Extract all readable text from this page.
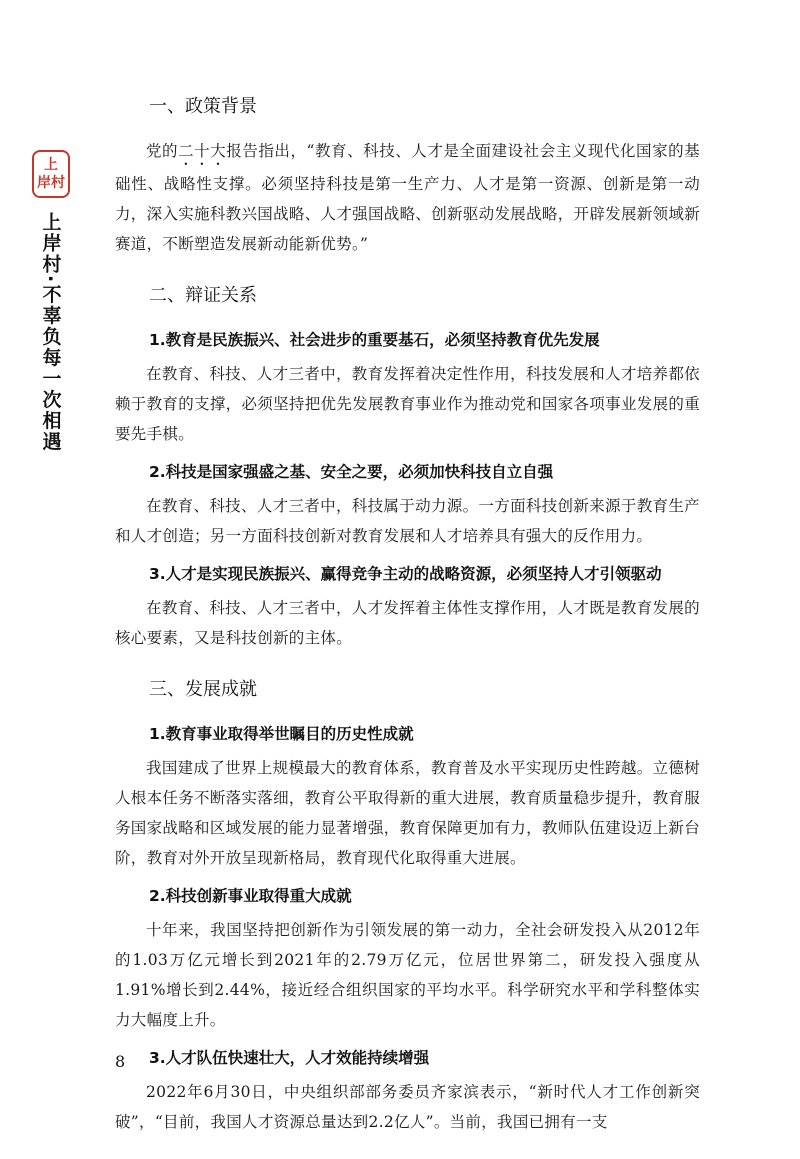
上
岸村
上岸村·不辜负每一次相遇
一、政策背景

党的二十大报告指出，“教育、科技、人才是全面建设社会主义现代化国家的基础性、战略性支撑。必须坚持科技是第一生产力、人才是第一资源、创新是第一动力，深入实施科教兴国战略、人才强国战略、创新驱动发展战略，开辟发展新领域新赛道，不断塑造发展新动能新优势。”

二、辩证关系
1.教育是民族振兴、社会进步的重要基石，必须坚持教育优先发展

在教育、科技、人才三者中，教育发挥着决定性作用，科技发展和人才培养都依赖于教育的支撑，必须坚持把优先发展教育事业作为推动党和国家各项事业发展的重要先手棋。

2.科技是国家强盛之基、安全之要，必须加快科技自立自强

在教育、科技、人才三者中，科技属于动力源。一方面科技创新来源于教育生产和人才创造；另一方面科技创新对教育发展和人才培养具有强大的反作用力。

3.人才是实现民族振兴、赢得竞争主动的战略资源，必须坚持人才引领驱动

在教育、科技、人才三者中，人才发挥着主体性支撑作用，人才既是教育发展的核心要素，又是科技创新的主体。

三、发展成就
1.教育事业取得举世瞩目的历史性成就

我国建成了世界上规模最大的教育体系，教育普及水平实现历史性跨越。立德树人根本任务不断落实落细，教育公平取得新的重大进展，教育质量稳步提升，教育服务国家战略和区域发展的能力显著增强，教育保障更加有力，教师队伍建设迈上新台阶，教育对外开放呈现新格局，教育现代化取得重大进展。

2.科技创新事业取得重大成就

十年来，我国坚持把创新作为引领发展的第一动力，全社会研发投入从2012年的1.03万亿元增长到2021年的2.79万亿元，位居世界第二，研发投入强度从1.91%增长到2.44%，接近经合组织国家的平均水平。科学研究水平和学科整体实力大幅度上升。

3.人才队伍快速壮大，人才效能持续增强

2022年6月30日，中央组织部部务委员齐家滨表示，“新时代人才工作创新突破”，“目前，我国人才资源总量达到2.2亿人”。当前，我国已拥有一支

8
